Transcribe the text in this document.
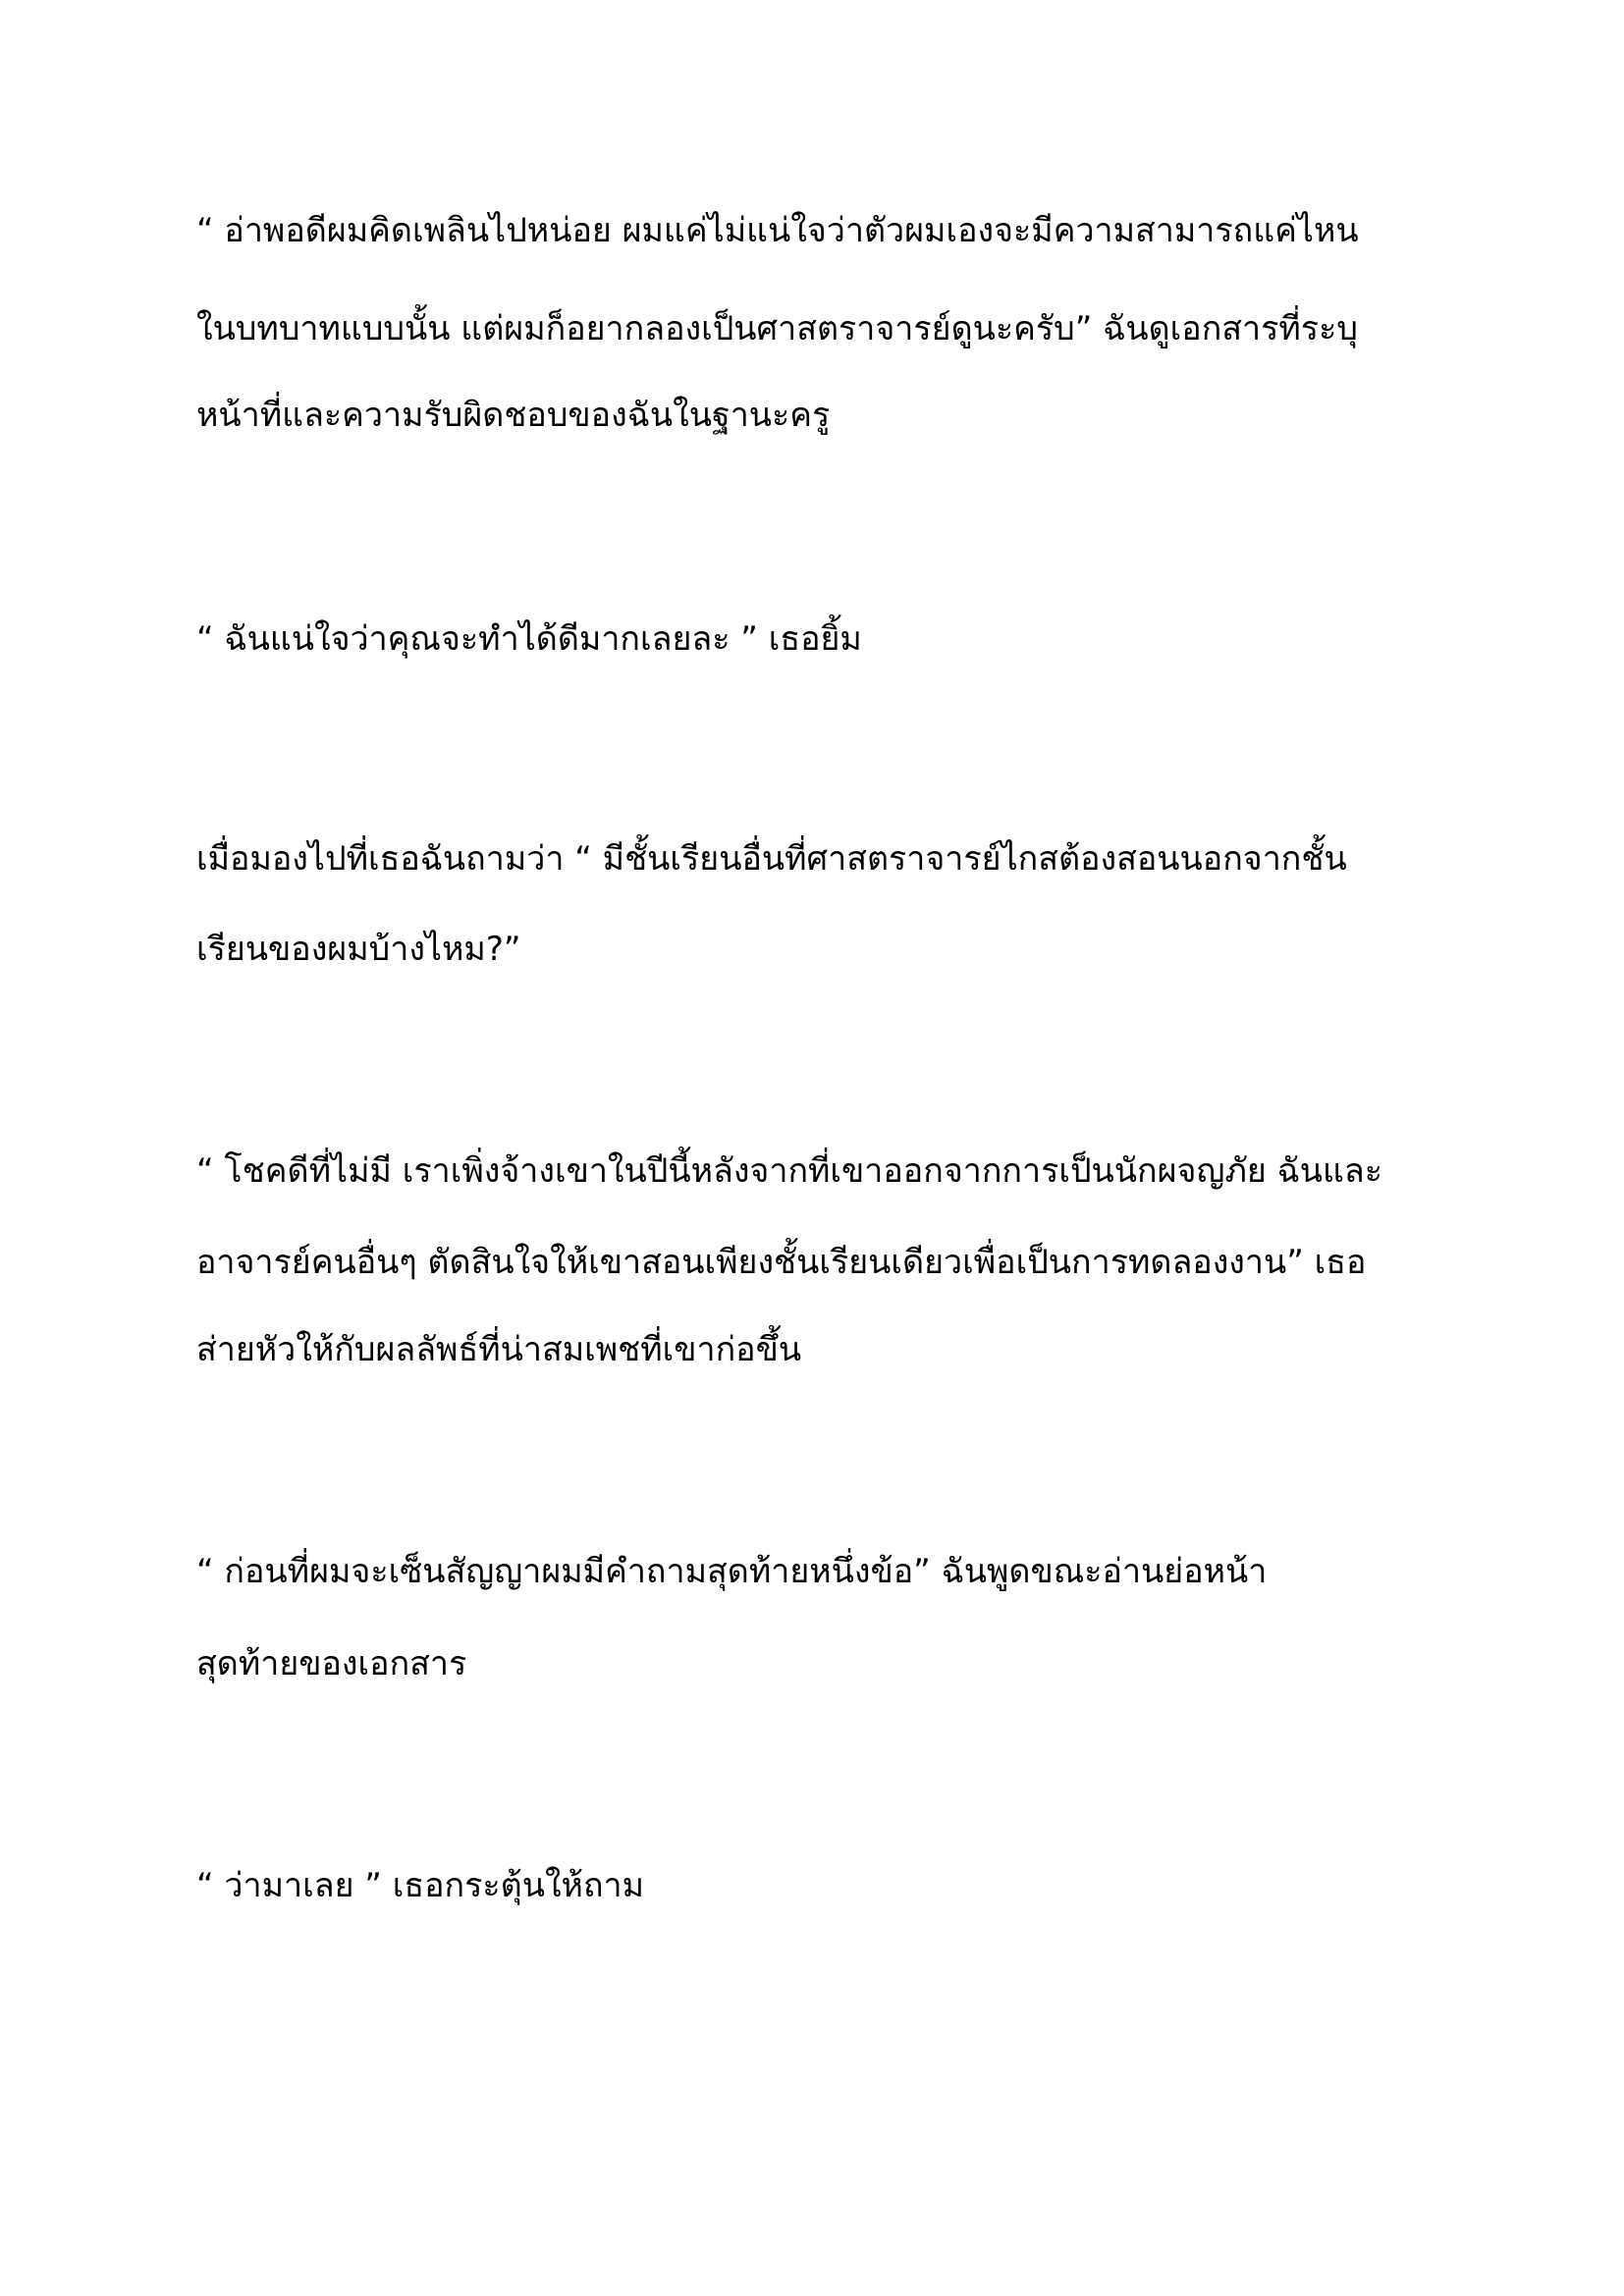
“ อ่าพอดีผมคิดเพลินไปหน่อย ผมแค่ไม่แน่ใจว่าตัวผมเองจะมีความสามารถแค่ไหน
ในบทบาทแบบนั้น แต่ผมก็อยากลองเป็นศาสตราจารย์ดูนะครับ” ฉันดูเอกสารที่ระบุ
หน้าที่และความรับผิดชอบของฉันในฐานะครู
“ ฉันแน่ใจว่าคุณจะทำได้ดีมากเลยละ ” เธอยิ้ม
เมื่อมองไปที่เธอฉันถามว่า “ มีชั้นเรียนอื่นที่ศาสตราจารย์ไกสต้องสอนนอกจากชั้น
เรียนของผมบ้างไหม?”
“ โชคดีที่ไม่มี เราเพิ่งจ้างเขาในปีนี้หลังจากที่เขาออกจากการเป็นนักผจญภัย ฉันและ
อาจารย์คนอื่นๆ ตัดสินใจให้เขาสอนเพียงชั้นเรียนเดียวเพื่อเป็นการทดลองงาน” เธอ
ส่ายหัวให้กับผลลัพธ์ที่น่าสมเพชที่เขาก่อขึ้น
“ ก่อนที่ผมจะเซ็นสัญญาผมมีคำถามสุดท้ายหนึ่งข้อ” ฉันพูดขณะอ่านย่อหน้า
สุดท้ายของเอกสาร
“ ว่ามาเลย ” เธอกระตุ้นให้ถาม
